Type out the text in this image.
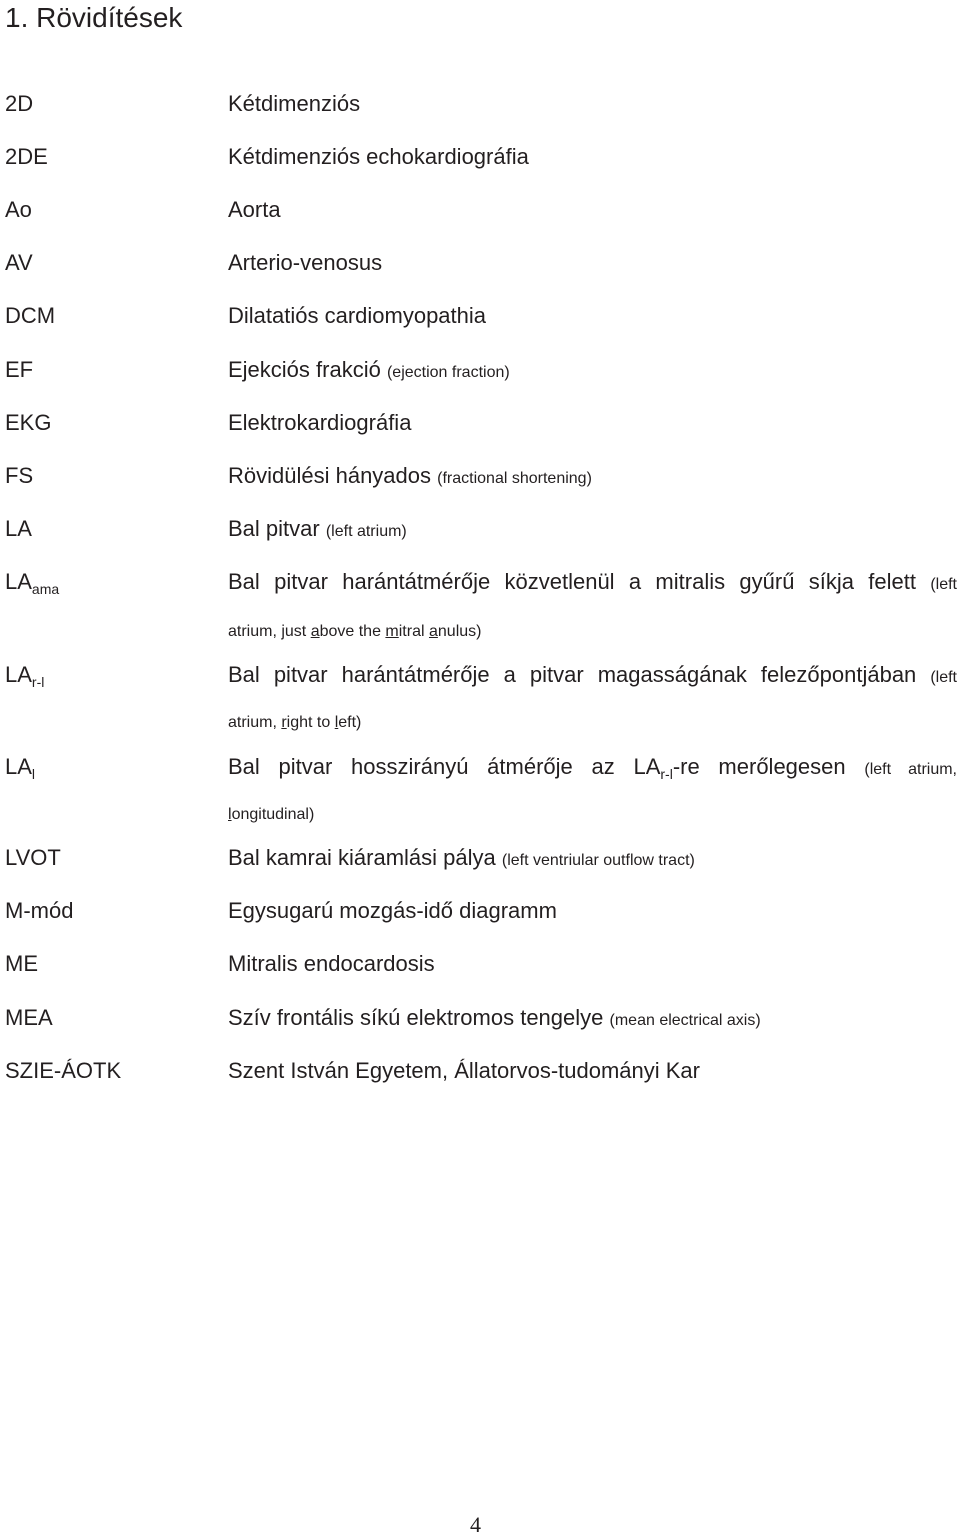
1. Rövidítések
2D	Kétdimenziós
2DE	Kétdimenziós echokardiográfia
Ao	Aorta
AV	Arterio-venosus
DCM	Dilatatiós cardiomyopathia
EF	Ejekciós frakció (ejection fraction)
EKG	Elektrokardiográfia
FS	Rövidülési hányados (fractional shortening)
LA	Bal pitvar (left atrium)
$LA_{ama}$	Bal pitvar harántátmérője közvetlenül a mitralis gyűrű síkja felett (left
atrium, just above the mitral anulus)
$LA_{r-l}$	Bal pitvar harántátmérője a pitvar magasságának felezőpontjában (left
atrium, right to left)
$LA_l$	Bal pitvar hosszirányú átmérője az $LA_{r-l}-re$ merőlegesen (left atrium,
longitudinal)
LVOT	Bal kamrai kiáramlási pálya (left ventriular outflow tract)
M-mód	Egysugarú mozgás-idő diagramm
ME	Mitralis endocardosis
MEA	Szív frontális síkú elektromos tengelye (mean electrical axis)
SZIE-ÁOTK	Szent István Egyetem, Állatorvos-tudományi Kar
4
